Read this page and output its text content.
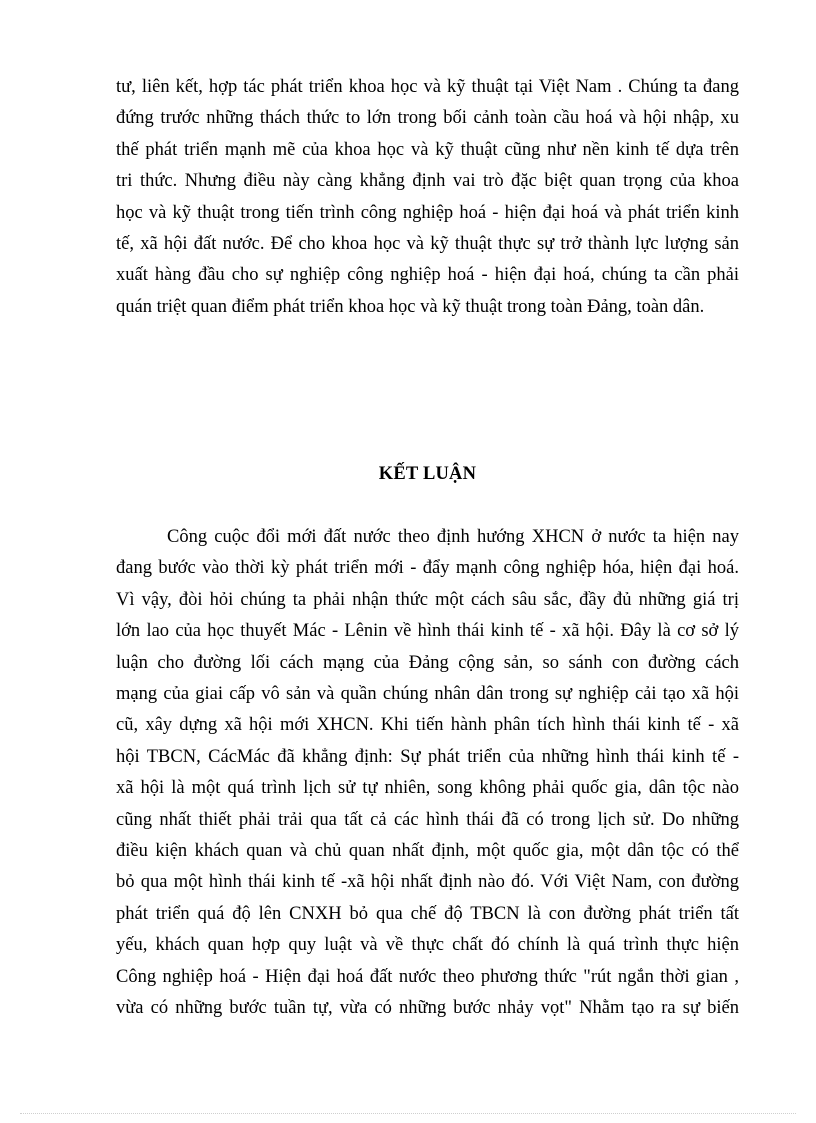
tư, liên kết, hợp tác phát triển khoa học và kỹ thuật tại Việt Nam . Chúng ta đang
đứng trước những thách thức to lớn trong bối cảnh toàn cầu hoá và hội nhập, xu
thế phát triển mạnh mẽ của khoa học và kỹ thuật cũng như nền kinh tế dựa trên
tri thức. Nhưng điều này càng khẳng định vai trò đặc biệt quan trọng của khoa
học và kỹ thuật trong tiến trình công nghiệp hoá - hiện đại hoá và phát triển kinh
tế, xã hội đất nước. Để cho khoa học và kỹ thuật thực sự trở thành lực lượng sản
xuất hàng đầu cho sự nghiệp công nghiệp hoá - hiện đại hoá, chúng ta cần phải
quán triệt quan điểm phát triển khoa học và kỹ thuật trong toàn Đảng, toàn dân.
KẾT LUẬN
Công cuộc đổi mới đất nước theo định hướng XHCN ở nước ta hiện nay
đang bước vào thời kỳ phát triển mới - đẩy mạnh công nghiệp hóa, hiện đại hoá.
Vì vậy, đòi hỏi chúng ta phải nhận thức một cách sâu sắc, đầy đủ những giá trị
lớn lao của học thuyết Mác - Lênin về hình thái kinh tế - xã hội. Đây là cơ sở lý
luận cho đường lối cách mạng của Đảng cộng sản, so sánh con đường cách
mạng của giai cấp vô sản và quần chúng nhân dân trong sự nghiệp cải tạo xã hội
cũ, xây dựng xã hội mới XHCN. Khi tiến hành phân tích hình thái kinh tế - xã
hội TBCN, CácMác đã khẳng định: Sự phát triển của những hình thái kinh tế -
xã hội là một quá trình lịch sử tự nhiên, song không phải quốc gia, dân tộc nào
cũng nhất thiết phải trải qua tất cả các hình thái đã có trong lịch sử. Do những
điều kiện khách quan và chủ quan nhất định, một quốc gia, một dân tộc có thể
bỏ qua một hình thái kinh tế -xã hội nhất định nào đó. Với Việt Nam, con đường
phát triển quá độ lên CNXH bỏ qua chế độ TBCN là con đường phát triển tất
yếu, khách quan hợp quy luật và về thực chất đó chính là quá trình thực hiện
Công nghiệp hoá - Hiện đại hoá đất nước theo phương thức "rút ngắn thời gian ,
vừa có những bước tuần tự, vừa có những bước nhảy vọt" Nhằm tạo ra sự biến
